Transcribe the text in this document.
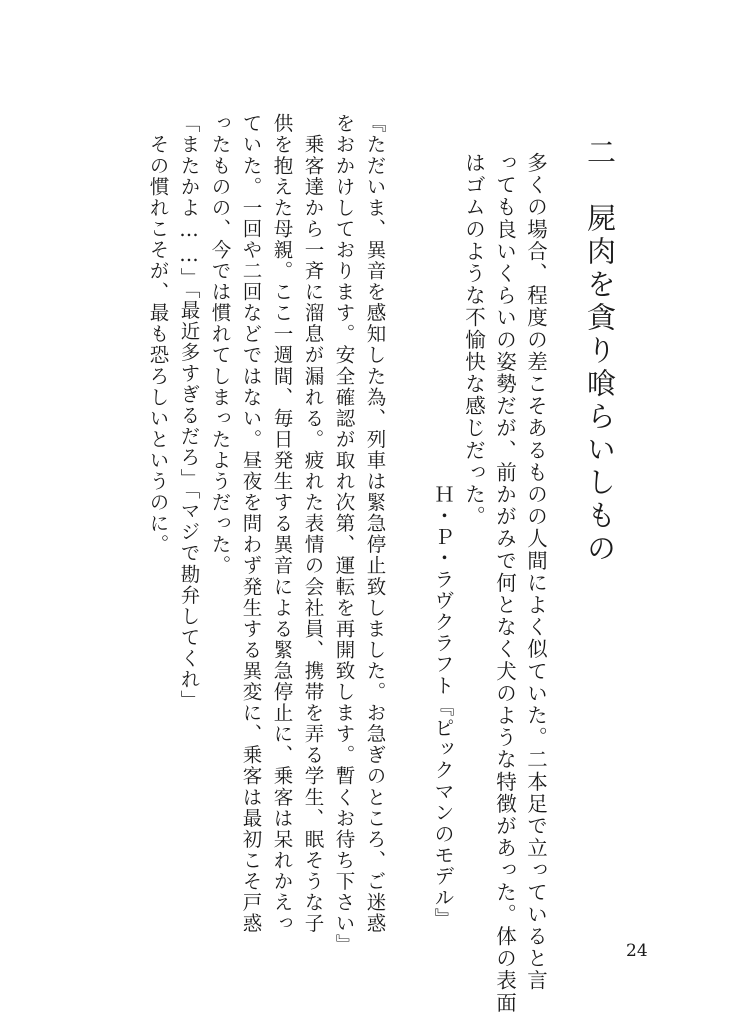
二　屍肉を貪り喰らいしもの
多くの場合、程度の差こそあるものの人間によく似ていた。二本足で立っていると言
っても良いくらいの姿勢だが、前かがみで何となく犬のような特徴があった。体の表面
はゴムのような不愉快な感じだった。
Ｈ・Ｐ・ラヴクラフト『ピックマンのモデル』
『ただいま、異音を感知した為、列車は緊急停止致しました。お急ぎのところ、ご迷惑
をおかけしております。安全確認が取れ次第、運転を再開致します。暫くお待ち下さい』
　乗客達から一斉に溜息が漏れる。疲れた表情の会社員、携帯を弄る学生、眠そうな子
供を抱えた母親。ここ一週間、毎日発生する異音による緊急停止に、乗客は呆れかえっ
ていた。一回や二回などではない。昼夜を問わず発生する異変に、乗客は最初こそ戸惑
ったものの、今では慣れてしまったようだった。
「またかよ……」「最近多すぎるだろ」「マジで勘弁してくれ」
　その慣れこそが、最も恐ろしいというのに。
24
